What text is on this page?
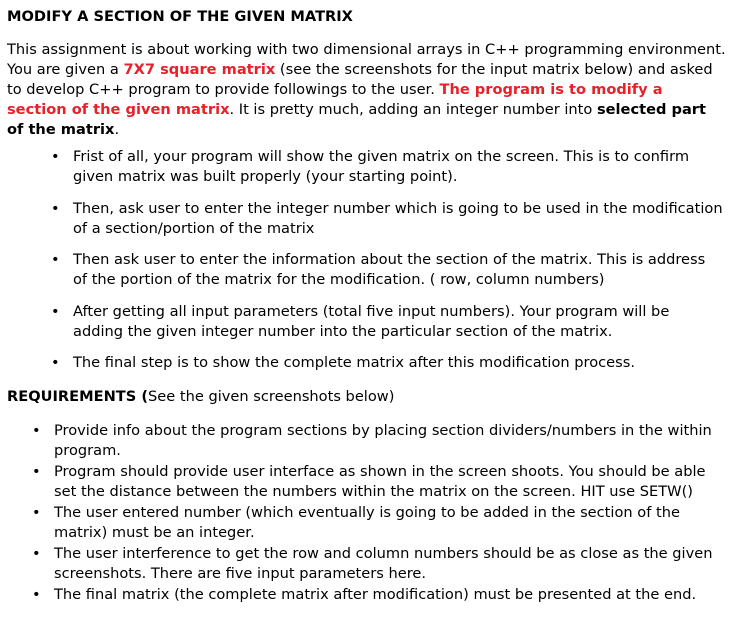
MODIFY A SECTION OF THE GIVEN MATRIX

This assignment is about working with two dimensional arrays in C++ programming environment. You are given a 7X7 square matrix (see the screenshots for the input matrix below) and asked to develop C++ program to provide followings to the user. The program is to modify a section of the given matrix. It is pretty much, adding an integer number into selected part of the matrix.

• Frist of all, your program will show the given matrix on the screen. This is to confirm given matrix was built properly (your starting point).
• Then, ask user to enter the integer number which is going to be used in the modification of a section/portion of the matrix
• Then ask user to enter the information about the section of the matrix. This is address of the portion of the matrix for the modification. ( row, column numbers)
• After getting all input parameters (total five input numbers). Your program will be adding the given integer number into the particular section of the matrix.
• The final step is to show the complete matrix after this modification process.
REQUIREMENTS (See the given screenshots below)
• Provide info about the program sections by placing section dividers/numbers in the within program.
• Program should provide user interface as shown in the screen shoots. You should be able set the distance between the numbers within the matrix on the screen. HIT use SETW()
• The user entered number (which eventually is going to be added in the section of the matrix) must be an integer.
• The user interference to get the row and column numbers should be as close as the given screenshots. There are five input parameters here.
• The final matrix (the complete matrix after modification) must be presented at the end.
